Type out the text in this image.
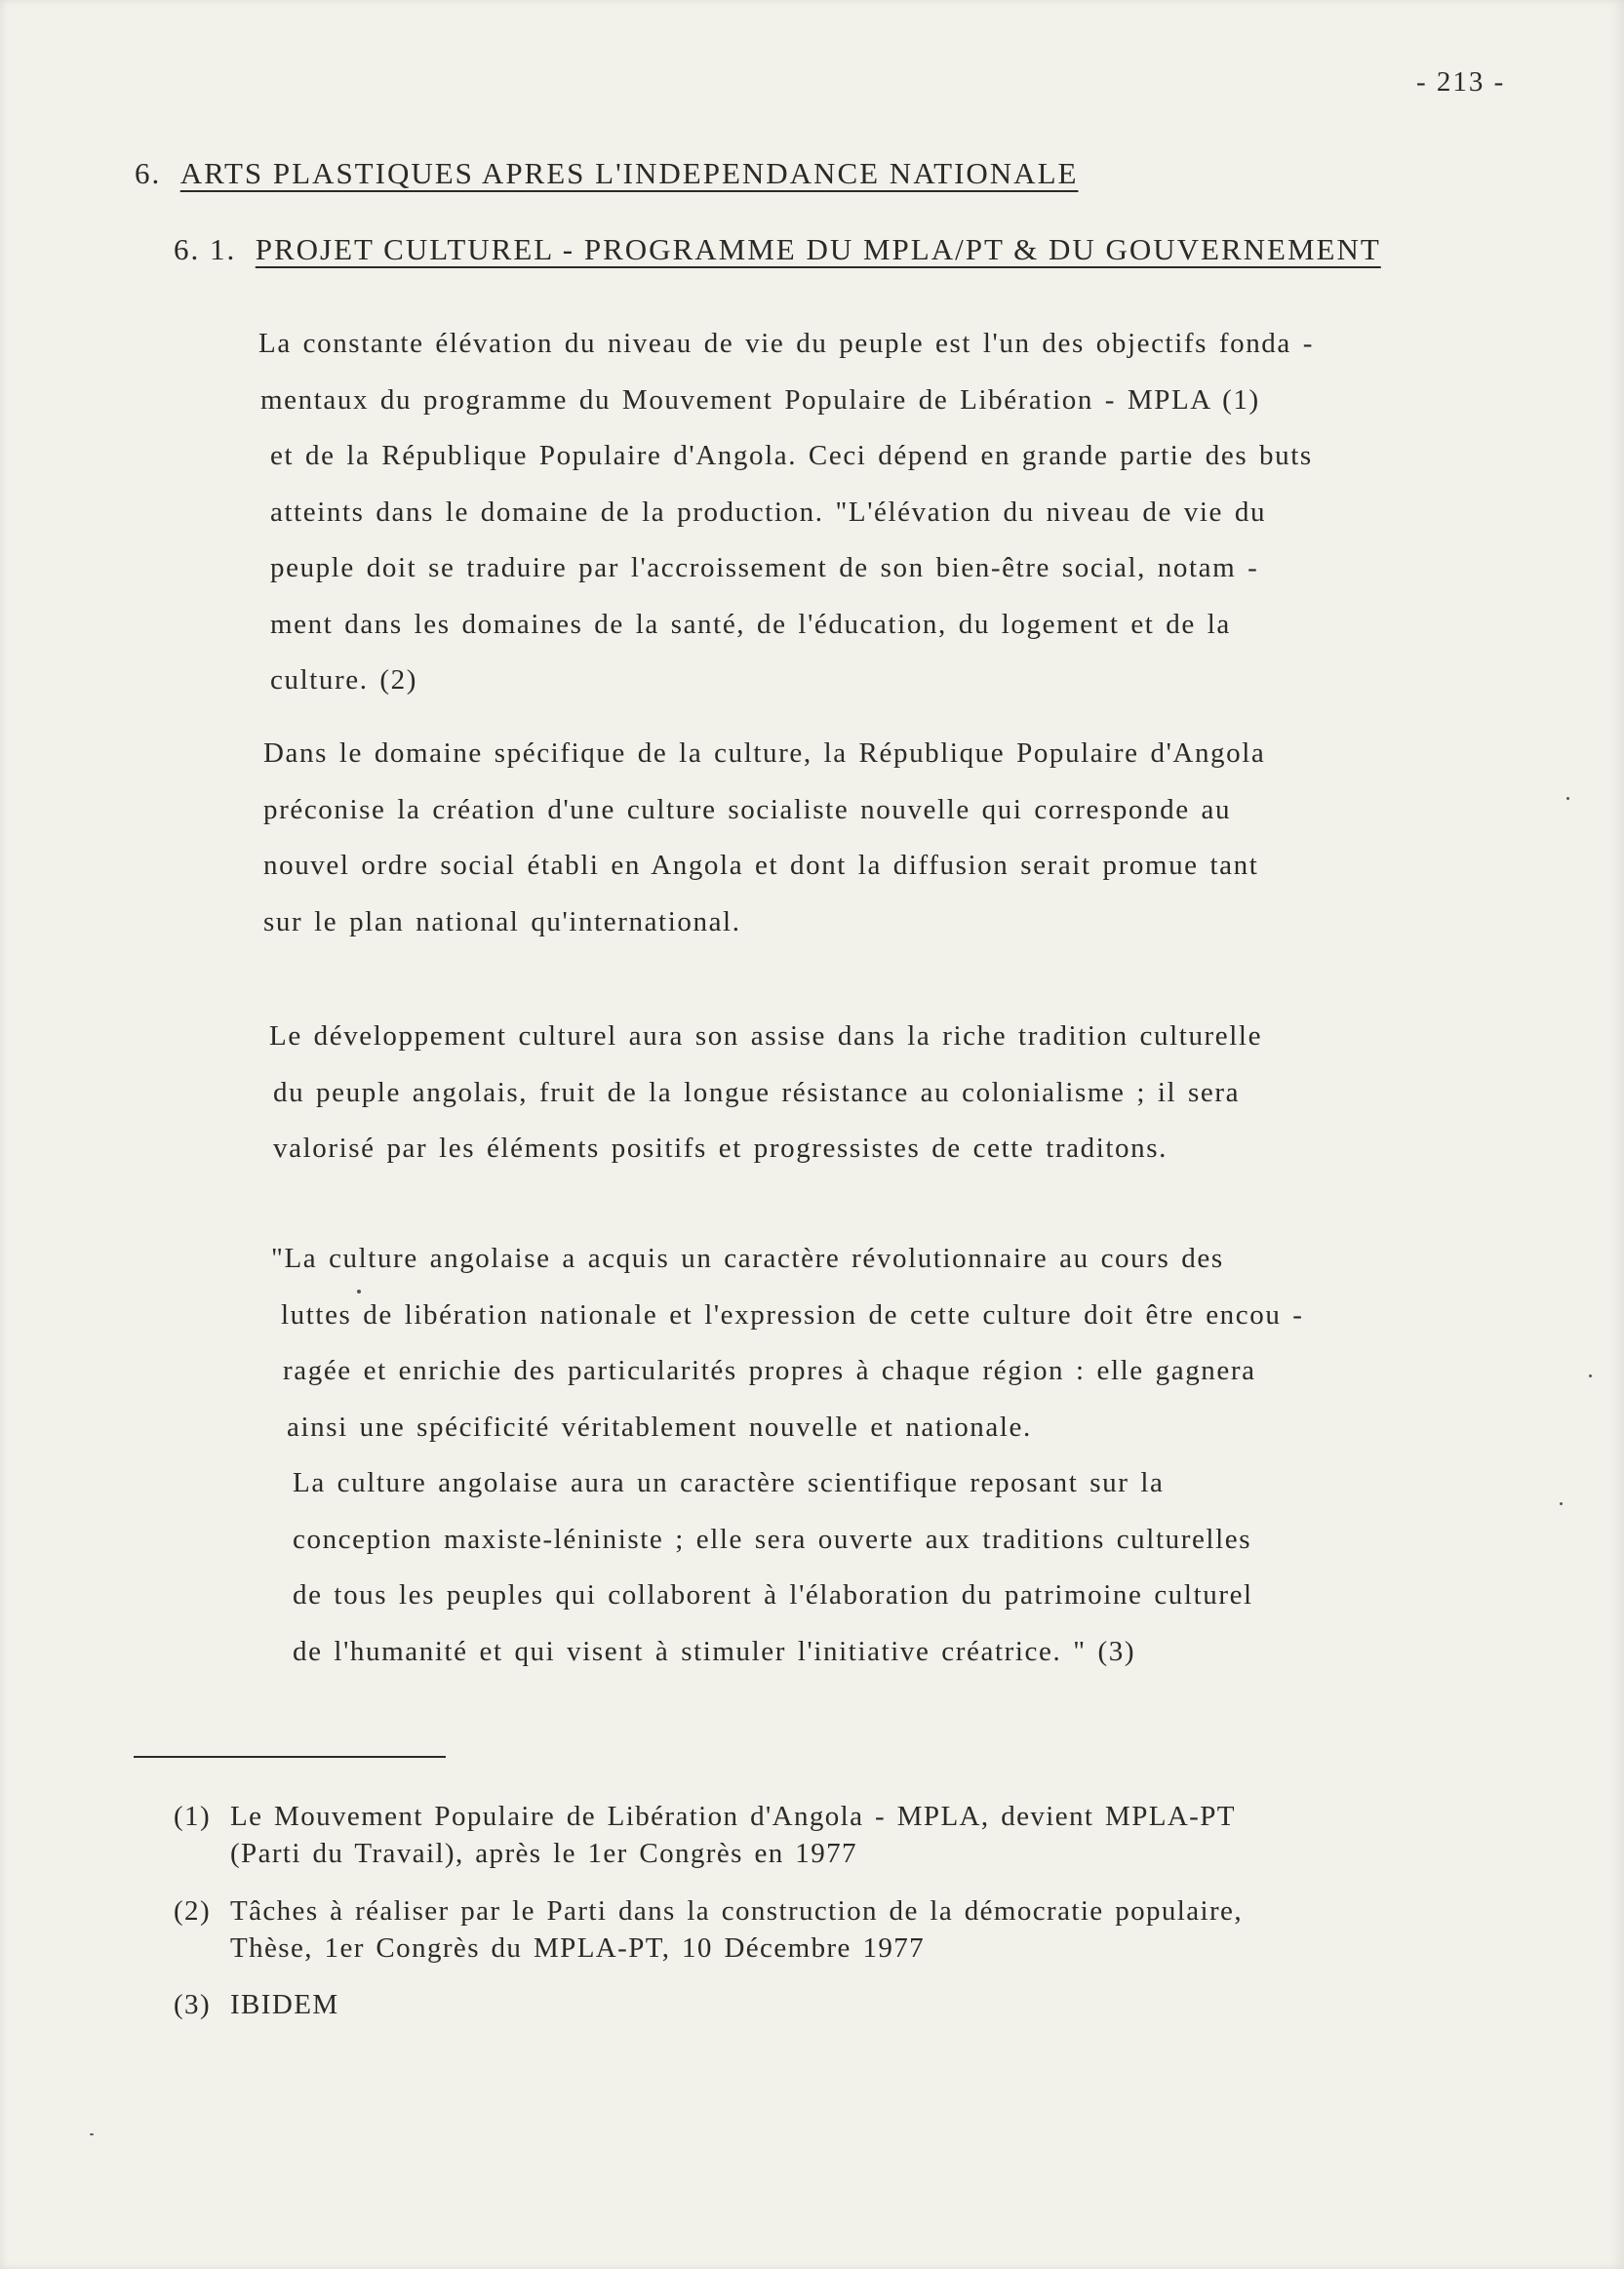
- 213 -
6. ARTS PLASTIQUES APRES L'INDEPENDANCE NATIONALE
6. 1. PROJET CULTUREL - PROGRAMME DU MPLA/PT & DU GOUVERNEMENT
La constante élévation du niveau de vie du peuple est l'un des objectifs fonda -
mentaux du programme du Mouvement Populaire de Libération - MPLA (1)
et de la République Populaire d'Angola. Ceci dépend en grande partie des buts
atteints dans le domaine de la production. "L'élévation du niveau de vie du
peuple doit se traduire par l'accroissement de son bien-être social, notam -
ment dans les domaines de la santé, de l'éducation, du logement et de la
culture. (2)
Dans le domaine spécifique de la culture, la République Populaire d'Angola
préconise la création d'une culture socialiste nouvelle qui corresponde au
nouvel ordre social établi en Angola et dont la diffusion serait promue tant
sur le plan national qu'international.
Le développement culturel aura son assise dans la riche tradition culturelle
du peuple angolais, fruit de la longue résistance au colonialisme ; il sera
valorisé par les éléments positifs et progressistes de cette traditons.
"La culture angolaise a acquis un caractère révolutionnaire au cours des
luttes de libération nationale et l'expression de cette culture doit être encou -
ragée et enrichie des particularités propres à chaque région : elle gagnera
ainsi une spécificité véritablement nouvelle et nationale.
La culture angolaise aura un caractère scientifique reposant sur la
conception maxiste-léniniste ; elle sera ouverte aux traditions culturelles
de tous les peuples qui collaborent à l'élaboration du patrimoine culturel
de l'humanité et qui visent à stimuler l'initiative créatrice. " (3)
(1) Le Mouvement Populaire de Libération d'Angola - MPLA, devient MPLA-PT
(Parti du Travail), après le 1er Congrès en 1977
(2) Tâches à réaliser par le Parti dans la construction de la démocratie populaire,
Thèse, 1er Congrès du MPLA-PT, 10 Décembre 1977
(3) IBIDEM
